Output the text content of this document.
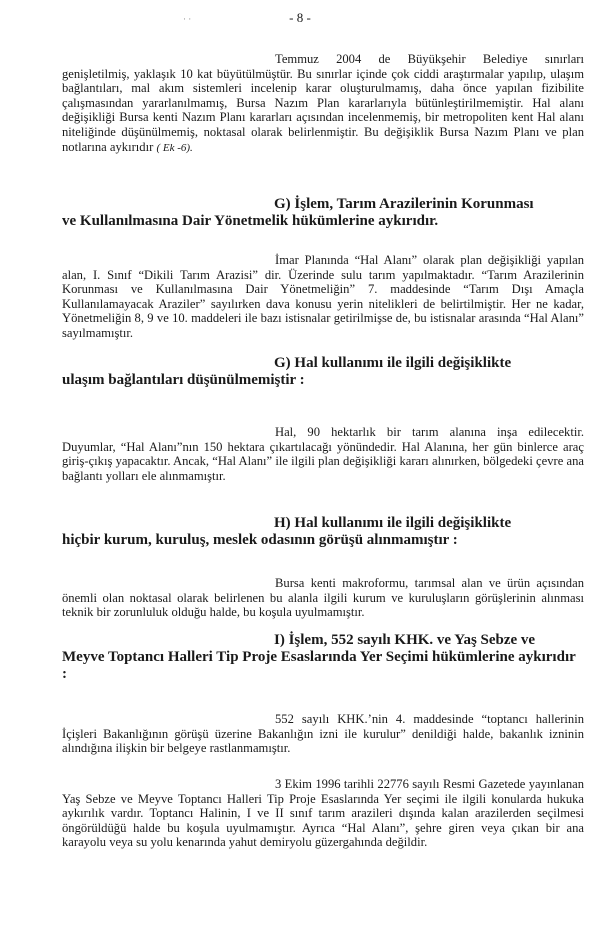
- 8 -
· ·

Temmuz 2004 de Büyükşehir Belediye sınırları genişletilmiş, yaklaşık 10 kat büyütülmüştür. Bu sınırlar içinde çok ciddi araştırmalar yapılıp, ulaşım bağlantıları, mal akım sistemleri incelenip karar oluşturulmamış, daha önce yapılan fizibilite çalışmasından yararlanılmamış, Bursa Nazım Plan kararlarıyla bütünleştirilmemiştir. Hal alanı değişikliği Bursa kenti Nazım Planı kararları açısından incelenmemiş, bir metropoliten kent Hal alanı niteliğinde düşünülmemiş, noktasal olarak belirlenmiştir. Bu değişiklik Bursa Nazım Planı ve plan notlarına aykırıdır ( Ek -6).

G) İşlem, Tarım Arazilerinin Korunması
ve Kullanılmasına Dair Yönetmelik hükümlerine aykırıdır.

İmar Planında “Hal Alanı” olarak plan değişikliği yapılan alan, I. Sınıf “Dikili Tarım Arazisi” dir. Üzerinde sulu tarım yapılmaktadır. “Tarım Arazilerinin Korunması ve Kullanılmasına Dair Yönetmeliğin” 7. maddesinde “Tarım Dışı Amaçla Kullanılamayacak Araziler” sayılırken dava konusu yerin nitelikleri de belirtilmiştir. Her ne kadar, Yönetmeliğin 8, 9 ve 10. maddeleri ile bazı istisnalar getirilmişse de, bu istisnalar arasında “Hal Alanı” sayılmamıştır.

G) Hal kullanımı ile ilgili değişiklikte
ulaşım bağlantıları düşünülmemiştir :

Hal, 90 hektarlık bir tarım alanına inşa edilecektir. Duyumlar, “Hal Alanı”nın 150 hektara çıkartılacağı yönündedir. Hal Alanına, her gün binlerce araç giriş-çıkış yapacaktır. Ancak, “Hal Alanı” ile ilgili plan değişikliği kararı alınırken, bölgedeki çevre ana bağlantı yolları ele alınmamıştır.

H) Hal kullanımı ile ilgili değişiklikte
hiçbir kurum, kuruluş, meslek odasının görüşü alınmamıştır :

Bursa kenti makroformu, tarımsal alan ve ürün açısından önemli olan noktasal olarak belirlenen bu alanla ilgili kurum ve kuruluşların görüşlerinin alınması teknik bir zorunluluk olduğu halde, bu koşula uyulmamıştır.

I) İşlem, 552 sayılı KHK. ve Yaş Sebze ve
Meyve Toptancı Halleri Tip Proje Esaslarında Yer Seçimi hükümlerine aykırıdır :

552 sayılı KHK.’nin 4. maddesinde “toptancı hallerinin İçişleri Bakanlığının görüşü üzerine Bakanlığın izni ile kurulur” denildiği halde, bakanlık izninin alındığına ilişkin bir belgeye rastlanmamıştır.

3 Ekim 1996 tarihli 22776 sayılı Resmi Gazetede yayınlanan Yaş Sebze ve Meyve Toptancı Halleri Tip Proje Esaslarında Yer seçimi ile ilgili konularda hukuka aykırılık vardır. Toptancı Halinin, I ve II sınıf tarım arazileri dışında kalan arazilerden seçilmesi öngörüldüğü halde bu koşula uyulmamıştır. Ayrıca “Hal Alanı”, şehre giren veya çıkan bir ana karayolu veya su yolu kenarında yahut demiryolu güzergahında değildir.
